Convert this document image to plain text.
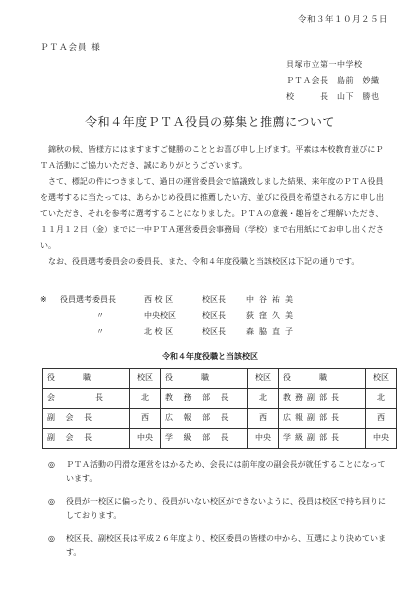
令和３年１０月２５日
ＰＴＡ会員 様
貝塚市立第一中学校
ＰＴＡ会長　島前　妙織
校　　　長　山下　勝也
令和４年度ＰＴＡ役員の募集と推薦について
　錦秋の候、皆様方にはますますご健勝のこととお喜び申し上げます。平素は本校教育並びにＰＴＡ活動にご協力いただき、誠にありがとうございます。
　さて、標記の件につきまして、過日の運営委員会で協議致しました結果、来年度のＰＴＡ役員を選考するに当たっては、あらかじめ役員に推薦したい方、並びに役員を希望される方に申し出ていただき、それを参考に選考することになりました。ＰＴＡの意義・趣旨をご理解いただき、１１月１２日（金）までに一中ＰＴＡ運営委員会事務局（学校）まで右用紙にてお申し出ください。
　なお、役員選考委員会の委員長、また、令和４年度役職と当該校区は下記の通りです。
※	役員選考委員長	西 校 区	校区長	中谷祐美
〃	中央校区	校区長	荻窪久美
〃	北 校 区	校区長	森脇直子
令和４年度役職と当該校区
役　　職	校区	役　　職	校区	役　　職	校区
会　　　長	北	教 務 部 長	北	教務副部長	北
副 会 長	西	広 報 部 長	西	広報副部長	西
副 会 長	中央	学 級 部 長	中央	学級副部長	中央
◎ ＰＴＡ活動の円滑な運営をはかるため、会長には前年度の副会長が就任することになっています。
◎ 役員が一校区に偏ったり、役員がいない校区ができないように、役員は校区で持ち回りにしております。
◎ 校区長、副校区長は平成２６年度より、校区委員の皆様の中から、互選により決めています。
